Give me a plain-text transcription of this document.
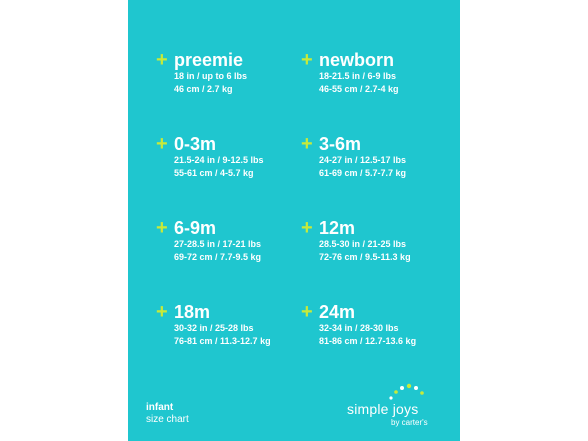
+ preemie
18 in / up to 6 lbs
46 cm / 2.7 kg
+ newborn
18-21.5 in / 6-9 lbs
46-55 cm / 2.7-4 kg
+ 0-3m
21.5-24 in / 9-12.5 lbs
55-61 cm / 4-5.7 kg
+ 3-6m
24-27 in / 12.5-17 lbs
61-69 cm / 5.7-7.7 kg
+ 6-9m
27-28.5 in / 17-21 lbs
69-72 cm / 7.7-9.5 kg
+ 12m
28.5-30 in / 21-25 lbs
72-76 cm / 9.5-11.3 kg
+ 18m
30-32 in / 25-28 lbs
76-81 cm / 11.3-12.7 kg
+ 24m
32-34 in / 28-30 lbs
81-86 cm / 12.7-13.6 kg
infant
size chart
simple joys
by carter's
